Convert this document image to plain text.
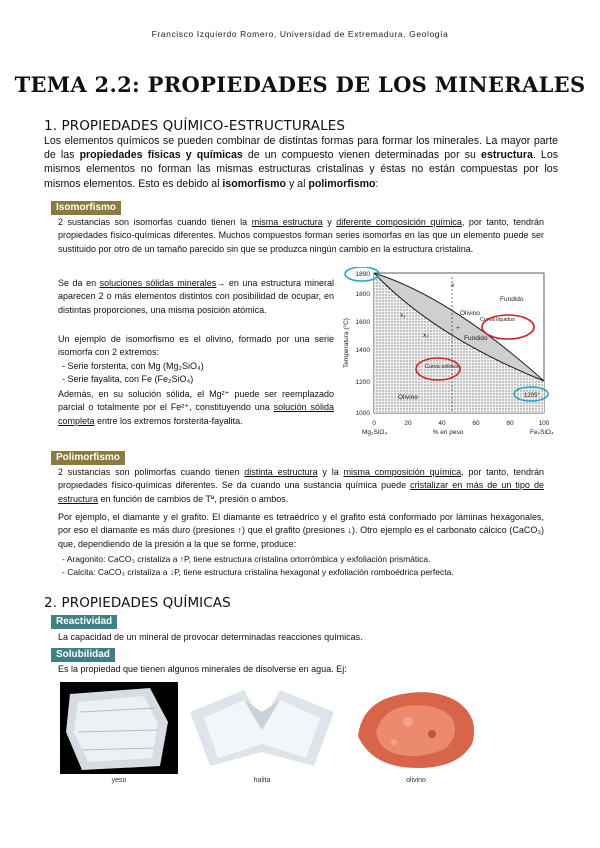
Francisco Izquierdo Romero. Universidad de Extremadura. Geología
TEMA 2.2: PROPIEDADES DE LOS MINERALES
1. PROPIEDADES QUÍMICO-ESTRUCTURALES
Los elementos químicos se pueden combinar de distintas formas para formar los minerales. La mayor parte de las propiedades físicas y químicas de un compuesto vienen determinadas por su estructura. Los mismos elementos no forman las mismas estructuras cristalinas y éstas no están compuestas por los mismos elementos. Esto es debido al isomorfismo y al polimorfismo:
Isomorfismo
2 sustancias son isomorfas cuando tienen la misma estructura y diferente composición química, por tanto, tendrán propiedades físico-químicas diferentes. Muchos compuestos forman series isomorfas en las que un elemento puede ser sustituido por otro de un tamaño parecido sin que se produzca ningún cambio en la estructura cristalina.
Se da en soluciones sólidas minerales→ en una estructura mineral aparecen 2 o más elementos distintos con posibilidad de ocupar, en distintas proporciones, una misma posición atómica.
Un ejemplo de isomorfismo es el olivino, formado por una serie isomorfa con 2 extremos:
- Serie forsterita, con Mg (Mg₂SiO₄)
- Serie fayalita, con Fe (Fe₂SiO₄)
Además, en su solución sólida, el Mg²⁺ puede ser reemplazado parcial o totalmente por el Fe²⁺, constituyendo una solución sólida completa entre los extremos forsterita-fayalita.
1890
1800
1600
1400
1200
1000
0	20	40	60	80	100
Mg₂SiO₄	% en peso	Fe₂SiO₄
Temperatura (°C)
Fundido
Olivino
+
Fundido
Olivino
x
x₁
x₂
Curva liquidus
Curva solidus
1205°
Polimorfismo
2 sustancias son polimorfas cuando tienen distinta estructura y la misma composición química, por tanto, tendrán propiedades físico-químicas diferentes. Se da cuando una sustancia química puede cristalizar en más de un tipo de estructura en función de cambios de Tª, presión o ambos.
Por ejemplo, el diamante y el grafito. El diamante es tetraédrico y el grafito está conformado por láminas hexagonales, por eso el diamante es más duro (presiones ↑) que el grafito (presiones ↓). Otro ejemplo es el carbonato cálcico (CaCO₃) que, dependiendo de la presión a la que se forme, produce:
- Aragonito: CaCO₃ cristaliza a ↑P, tiene estructura cristalina ortorrómbica y exfoliación prismática.
- Calcita: CaCO₃ cristaliza a ↓P, tiene estructura cristalina hexagonal y exfoliación romboédrica perfecta.
2. PROPIEDADES QUÍMICAS
Reactividad
La capacidad de un mineral de provocar determinadas reacciones químicas.
Solubilidad
Es la propiedad que tienen algunos minerales de disolverse en agua. Ej:
yeso	halita	olivino
